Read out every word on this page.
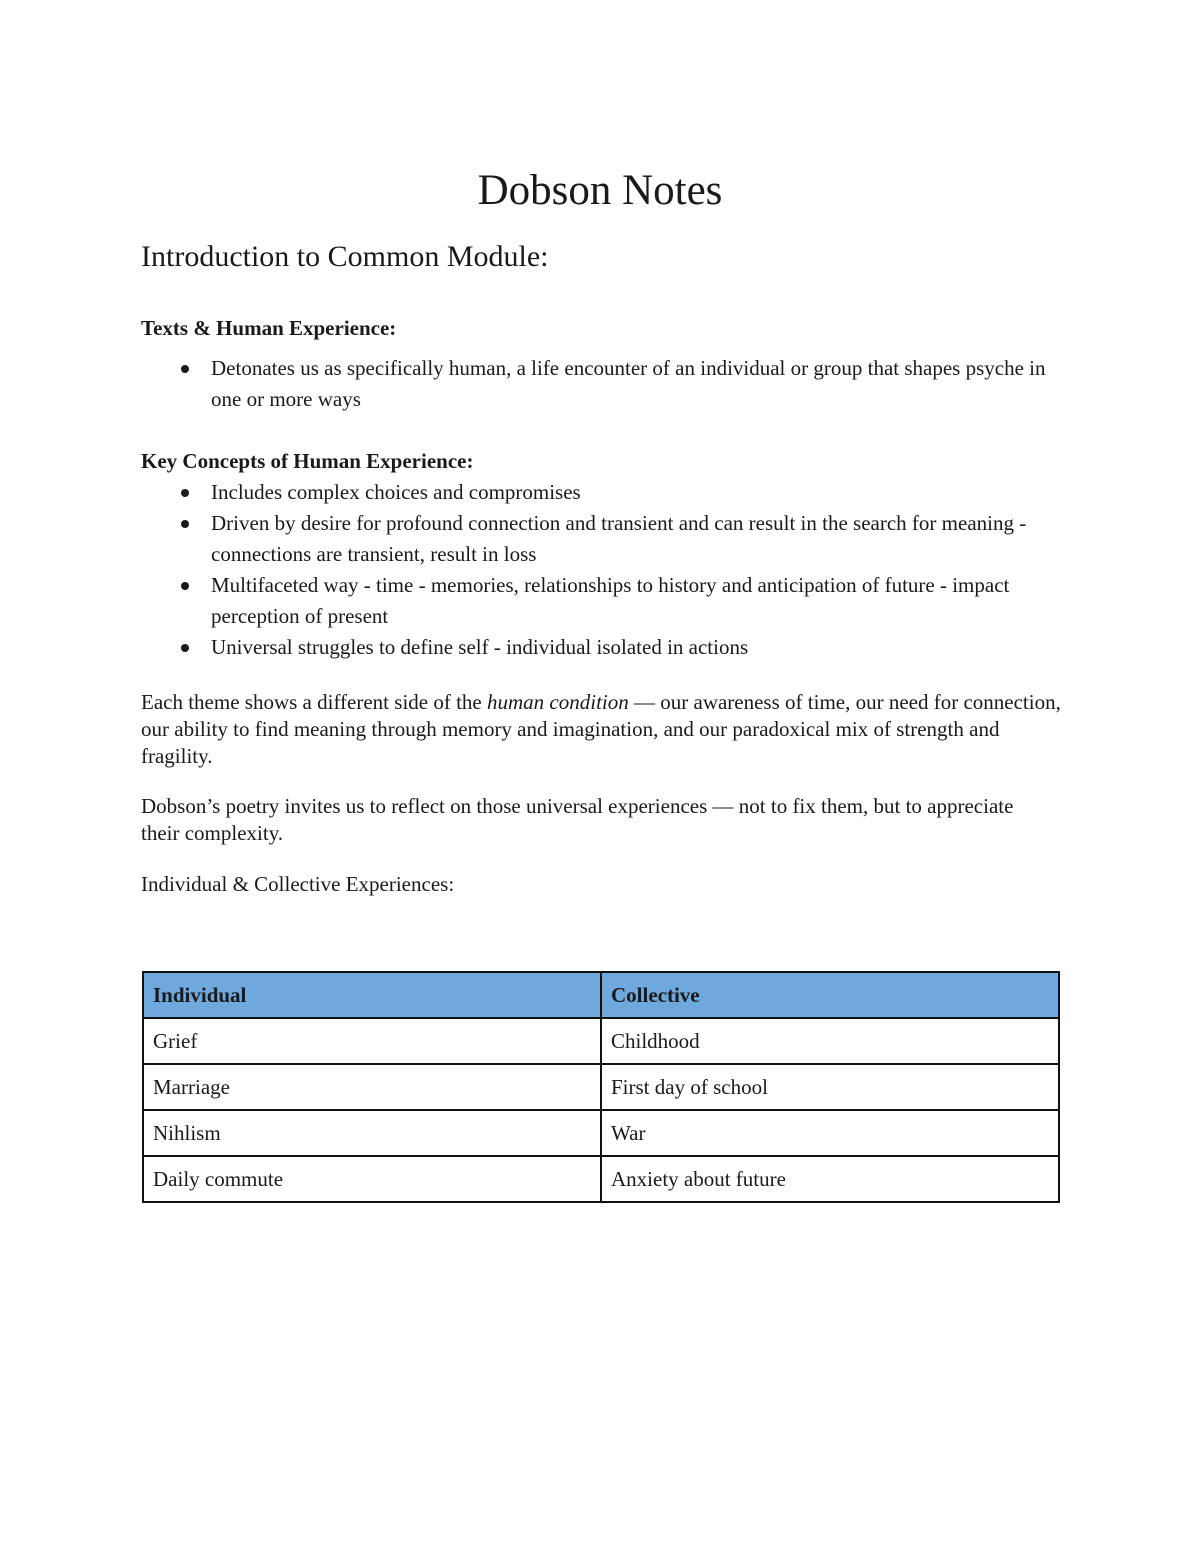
Dobson Notes
Introduction to Common Module:
Texts & Human Experience:
Detonates us as specifically human, a life encounter of an individual or group that shapes psyche in one or more ways
Key Concepts of Human Experience:
Includes complex choices and compromises
Driven by desire for profound connection and transient and can result in the search for meaning - connections are transient, result in loss
Multifaceted way - time - memories, relationships to history and anticipation of future - impact perception of present
Universal struggles to define self - individual isolated in actions

Each theme shows a different side of the human condition — our awareness of time, our need for connection, our ability to find meaning through memory and imagination, and our paradoxical mix of strength and fragility.

Dobson’s poetry invites us to reflect on those universal experiences — not to fix them, but to appreciate their complexity.

Individual & Collective Experiences:

Individual	Collective
Grief	Childhood
Marriage	First day of school
Nihlism	War
Daily commute	Anxiety about future
